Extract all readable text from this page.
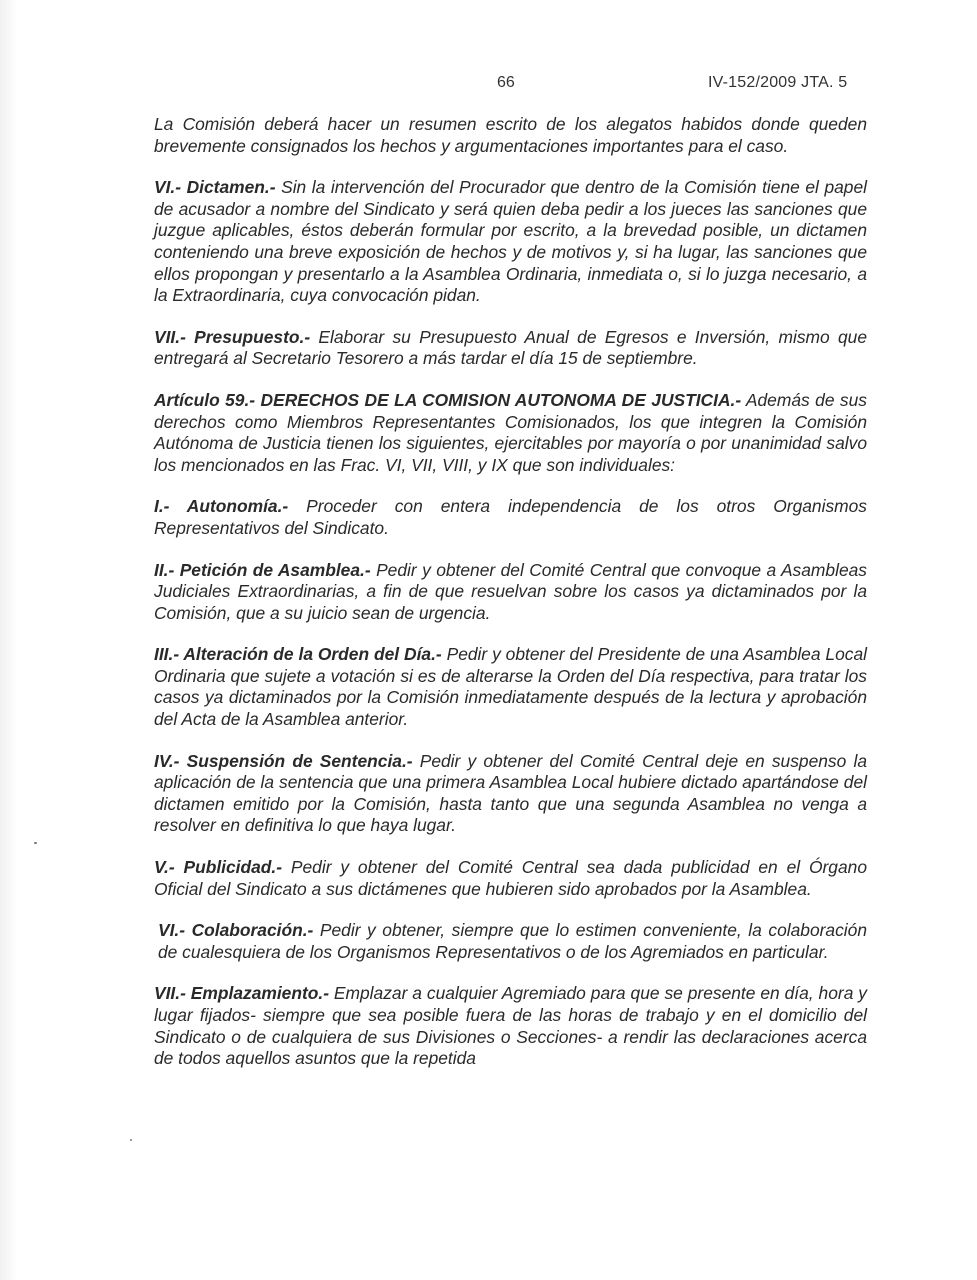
66	IV-152/2009 JTA. 5

La Comisión deberá hacer un resumen escrito de los alegatos habidos donde queden brevemente consignados los hechos y argumentaciones importantes para el caso.

VI.- Dictamen.- Sin la intervención del Procurador que dentro de la Comisión tiene el papel de acusador a nombre del Sindicato y será quien deba pedir a los jueces las sanciones que juzgue aplicables, éstos deberán formular por escrito, a la brevedad posible, un dictamen conteniendo una breve exposición de hechos y de motivos y, si ha lugar, las sanciones que ellos propongan y presentarlo a la Asamblea Ordinaria, inmediata o, si lo juzga necesario, a la Extraordinaria, cuya convocación pidan.

VII.- Presupuesto.- Elaborar su Presupuesto Anual de Egresos e Inversión, mismo que entregará al Secretario Tesorero a más tardar el día 15 de septiembre.

Artículo 59.- DERECHOS DE LA COMISION AUTONOMA DE JUSTICIA.- Además de sus derechos como Miembros Representantes Comisionados, los que integren la Comisión Autónoma de Justicia tienen los siguientes, ejercitables por mayoría o por unanimidad salvo los mencionados en las Frac. VI, VII, VIII, y IX que son individuales:

I.- Autonomía.- Proceder con entera independencia de los otros Organismos Representativos del Sindicato.

II.- Petición de Asamblea.- Pedir y obtener del Comité Central que convoque a Asambleas Judiciales Extraordinarias, a fin de que resuelvan sobre los casos ya dictaminados por la Comisión, que a su juicio sean de urgencia.

III.- Alteración de la Orden del Día.- Pedir y obtener del Presidente de una Asamblea Local Ordinaria que sujete a votación si es de alterarse la Orden del Día respectiva, para tratar los casos ya dictaminados por la Comisión inmediatamente después de la lectura y aprobación del Acta de la Asamblea anterior.

IV.- Suspensión de Sentencia.- Pedir y obtener del Comité Central deje en suspenso la aplicación de la sentencia que una primera Asamblea Local hubiere dictado apartándose del dictamen emitido por la Comisión, hasta tanto que una segunda Asamblea no venga a resolver en definitiva lo que haya lugar.

V.- Publicidad.- Pedir y obtener del Comité Central sea dada publicidad en el Órgano Oficial del Sindicato a sus dictámenes que hubieren sido aprobados por la Asamblea.

VI.- Colaboración.- Pedir y obtener, siempre que lo estimen conveniente, la colaboración de cualesquiera de los Organismos Representativos o de los Agremiados en particular.

VII.- Emplazamiento.- Emplazar a cualquier Agremiado para que se presente en día, hora y lugar fijados- siempre que sea posible fuera de las horas de trabajo y en el domicilio del Sindicato o de cualquiera de sus Divisiones o Secciones- a rendir las declaraciones acerca de todos aquellos asuntos que la repetida
